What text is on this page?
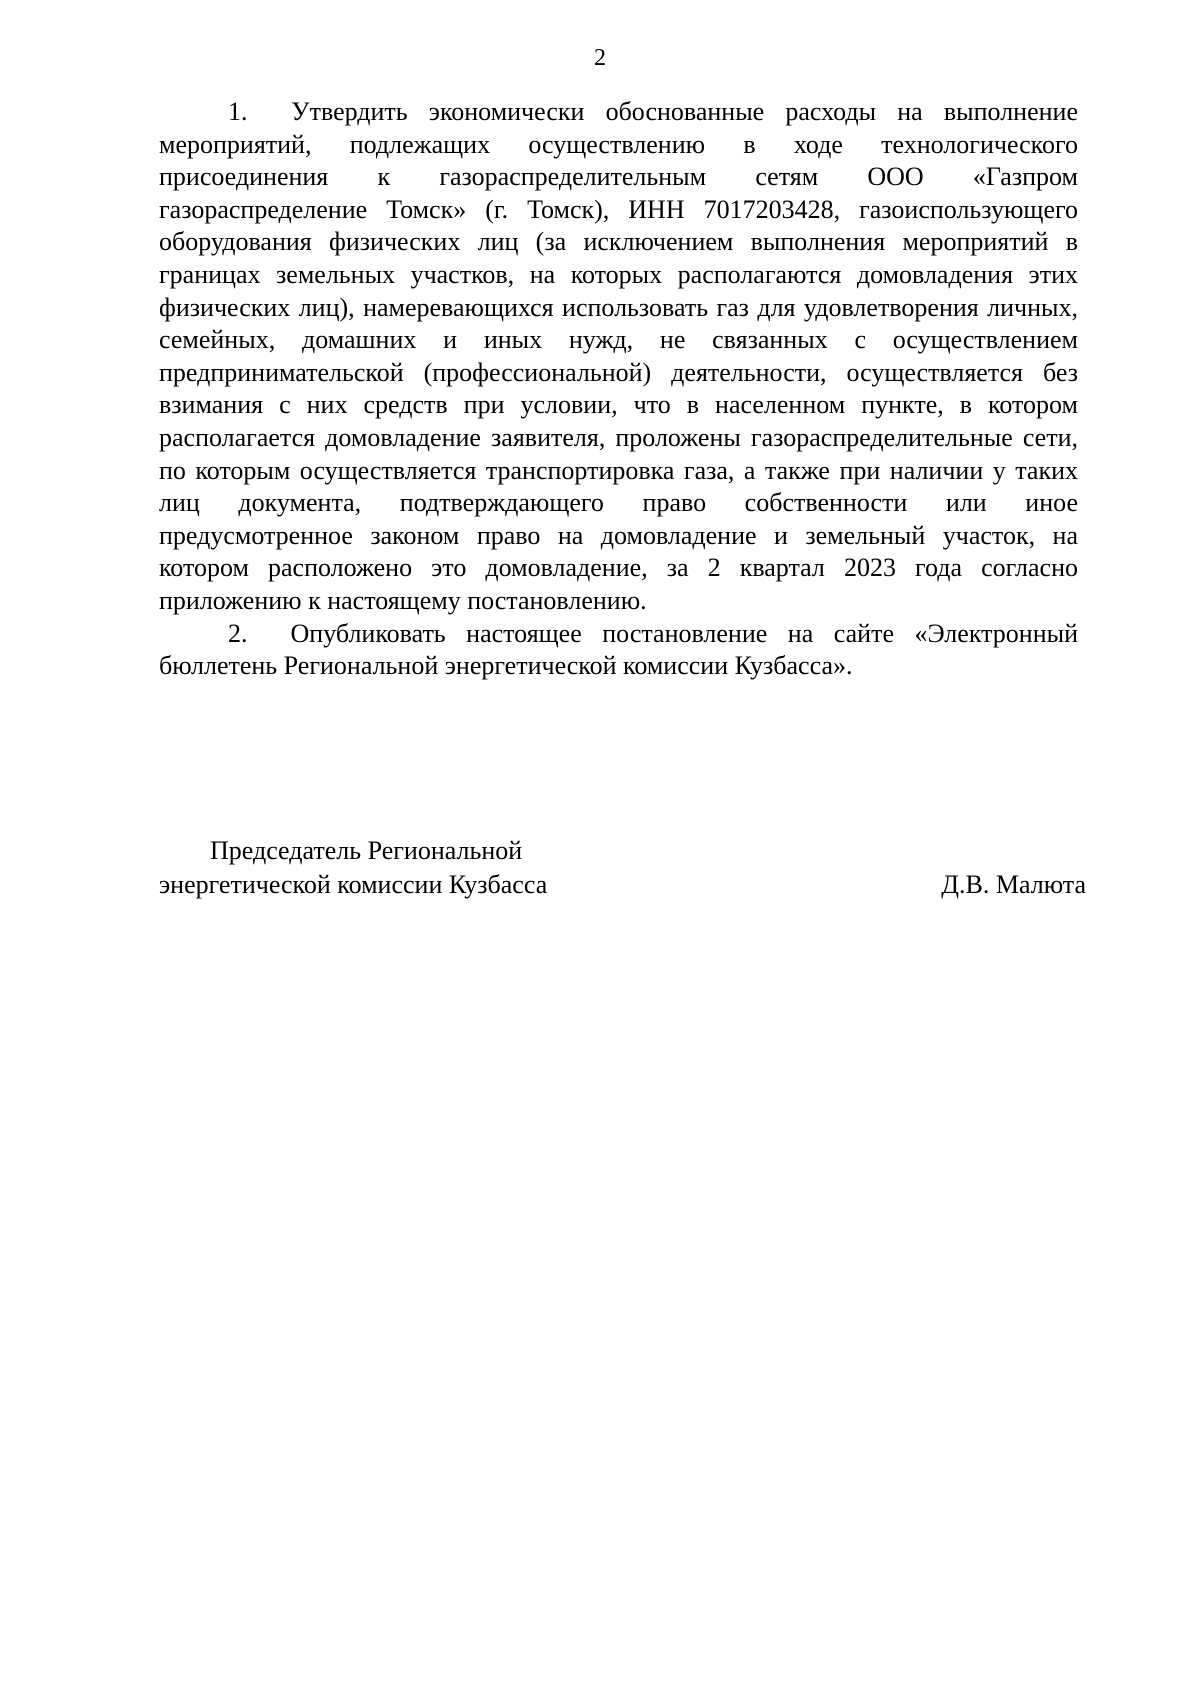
2

1. Утвердить экономически обоснованные расходы на выполнение мероприятий, подлежащих осуществлению в ходе технологического присоединения к газораспределительным сетям ООО «Газпром газораспределение Томск» (г. Томск), ИНН 7017203428, газоиспользующего оборудования физических лиц (за исключением выполнения мероприятий в границах земельных участков, на которых располагаются домовладения этих физических лиц), намеревающихся использовать газ для удовлетворения личных, семейных, домашних и иных нужд, не связанных с осуществлением предпринимательской (профессиональной) деятельности, осуществляется без взимания с них средств при условии, что в населенном пункте, в котором располагается домовладение заявителя, проложены газораспределительные сети, по которым осуществляется транспортировка газа, а также при наличии у таких лиц документа, подтверждающего право собственности или иное предусмотренное законом право на домовладение и земельный участок, на котором расположено это домовладение, за 2 квартал 2023 года согласно приложению к настоящему постановлению.

2. Опубликовать настоящее постановление на сайте «Электронный бюллетень Региональной энергетической комиссии Кузбасса».

Председатель Региональной
энергетической комиссии Кузбасса	Д.В. Малюта
